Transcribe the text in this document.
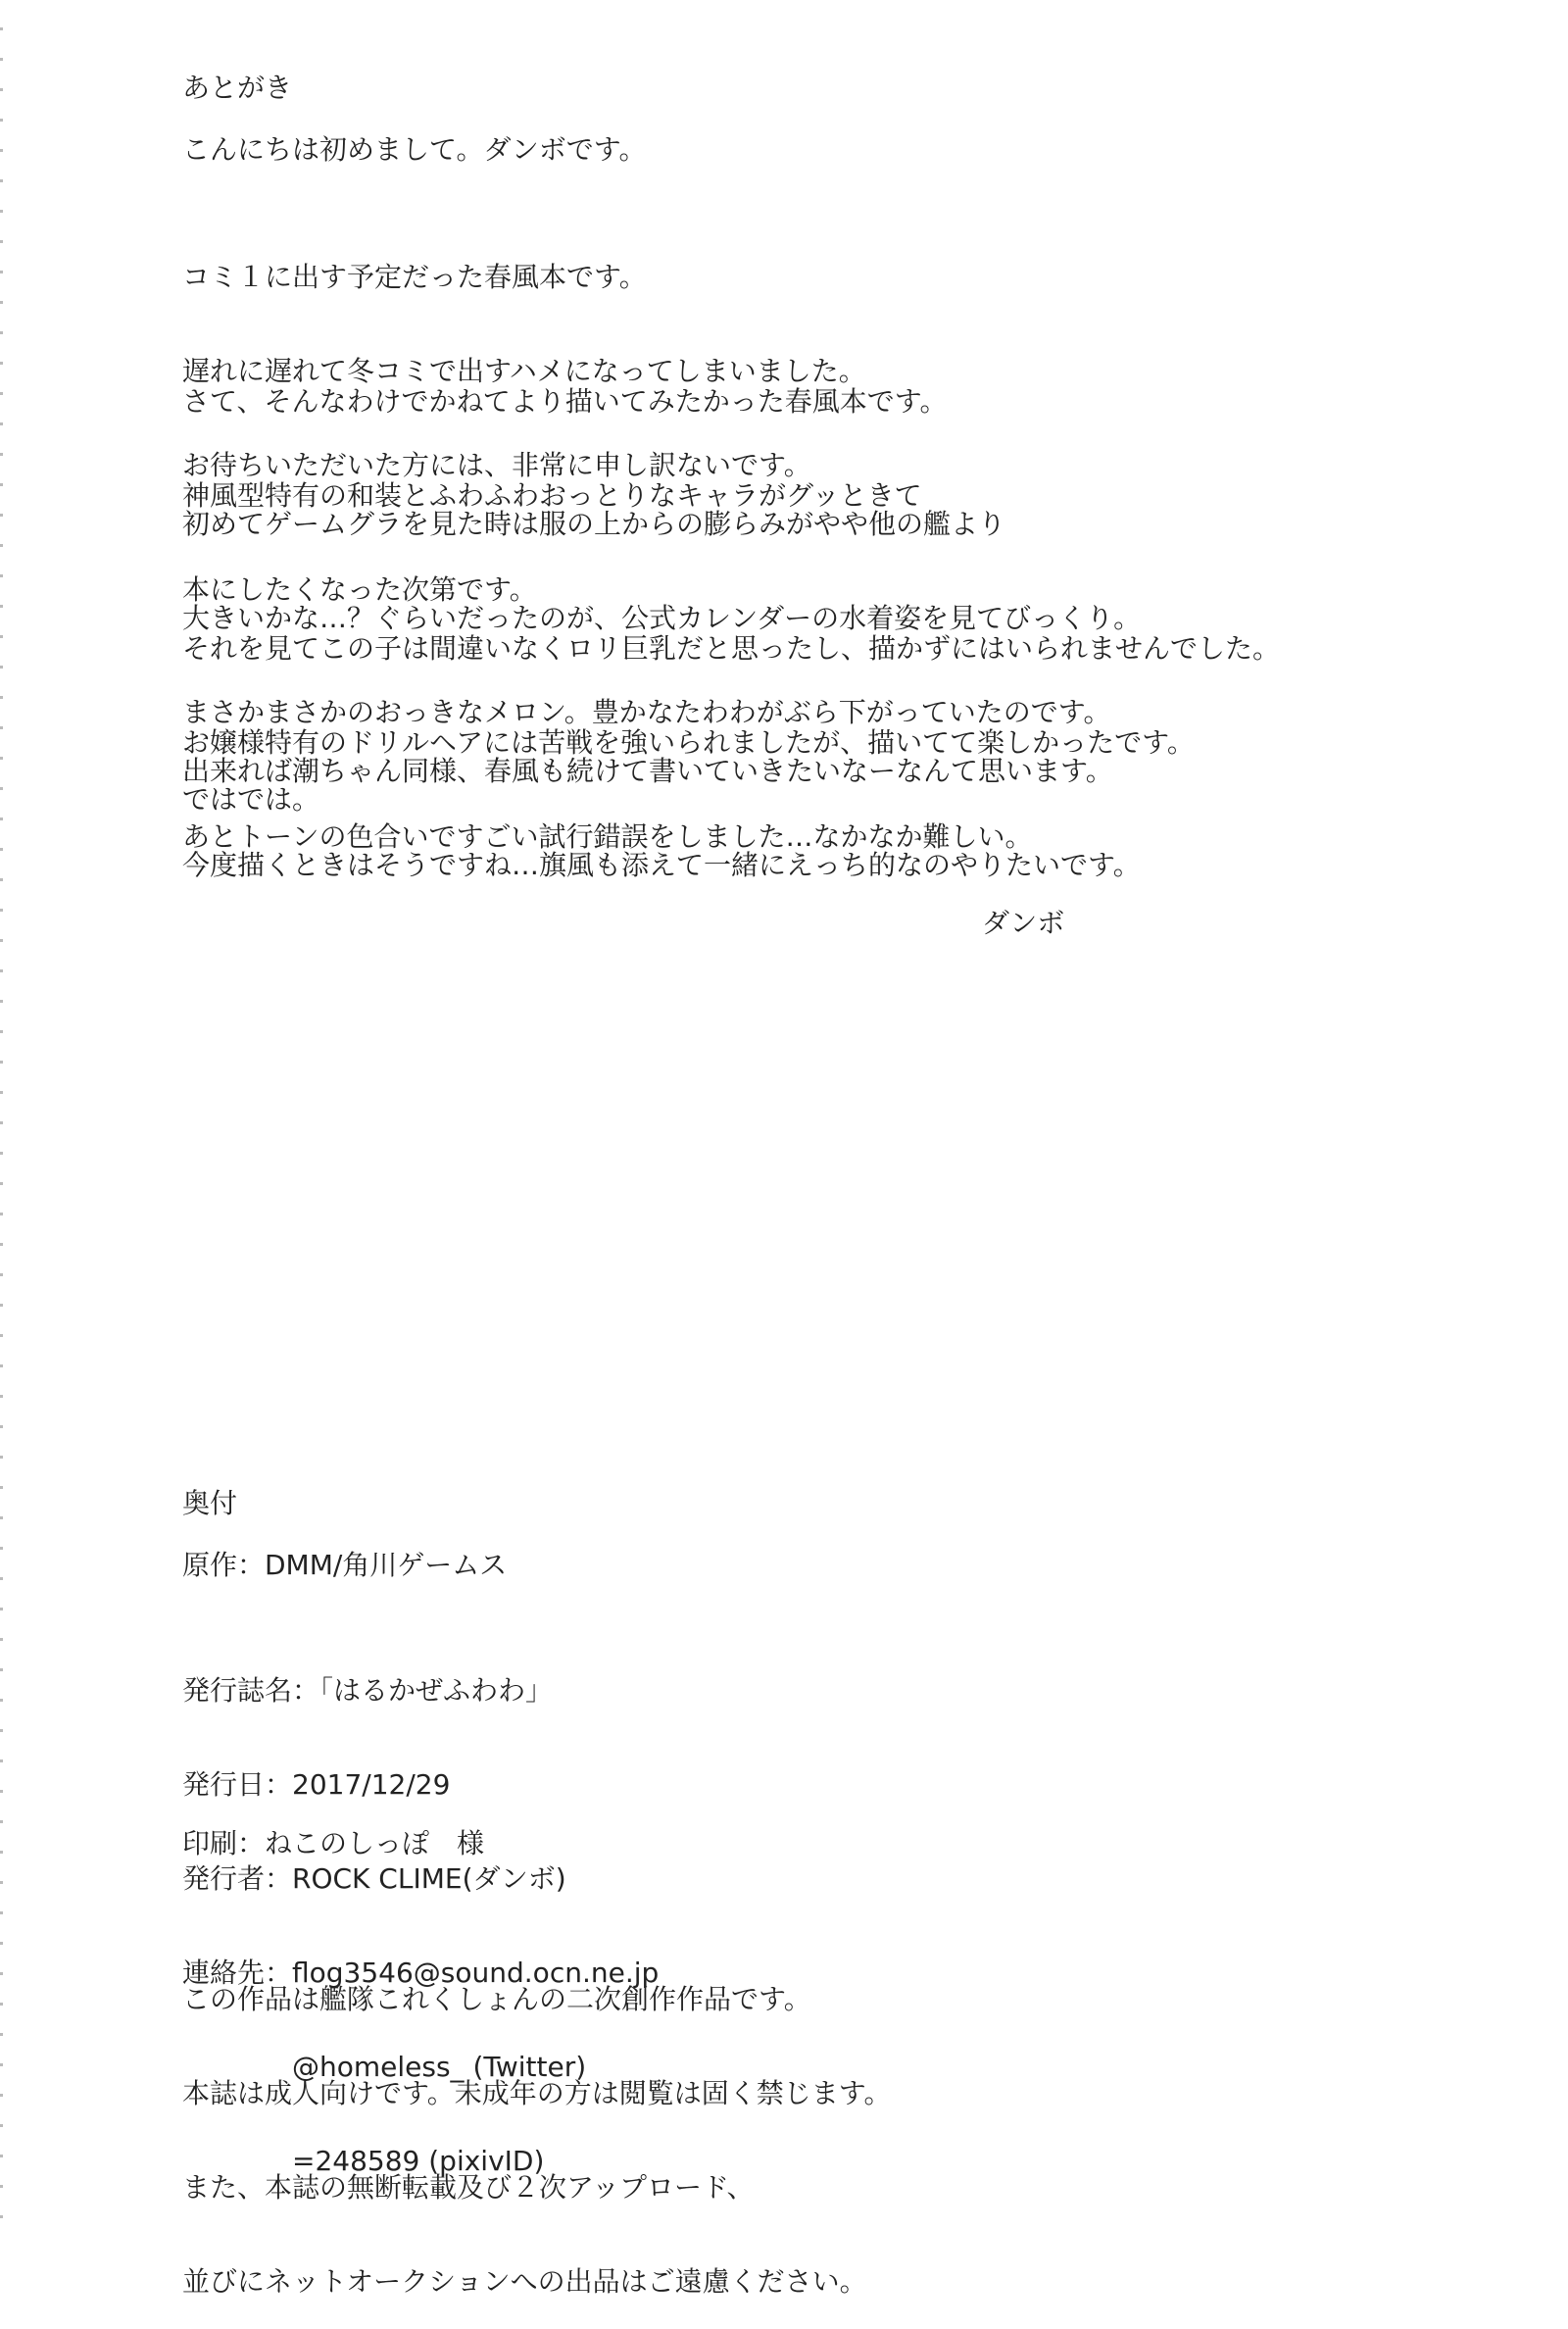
あとがき
こんにちは初めまして。ダンボです。

コミ１に出す予定だった春風本です。

遅れに遅れて冬コミで出すハメになってしまいました。

お待ちいただいた方には、非常に申し訳ないです。

さて、そんなわけでかねてより描いてみたかった春風本です。

神風型特有の和装とふわふわおっとりなキャラがグッときて

本にしたくなった次第です。

初めてゲームグラを見た時は服の上からの膨らみがやや他の艦より

大きいかな…？ぐらいだったのが、公式カレンダーの水着姿を見てびっくり。

まさかまさかのおっきなメロン。豊かなたわわがぶら下がっていたのです。

それを見てこの子は間違いなくロリ巨乳だと思ったし、描かずにはいられませんでした。

お嬢様特有のドリルヘアには苦戦を強いられましたが、描いてて楽しかったです。

あとトーンの色合いですごい試行錯誤をしました…なかなか難しい。

出来れば潮ちゃん同様、春風も続けて書いていきたいなーなんて思います。

今度描くときはそうですね…旗風も添えて一緒にえっち的なのやりたいです。

ではでは。
ダンボ
奥付
原作：DMM/角川ゲームス

発行誌名：「はるかぜふわわ」

発行日：2017/12/29

発行者：ROCK CLIME(ダンボ)

連絡先：flog3546@sound.ocn.ne.jp

@homeless_ (Twitter)

=248589 (pixivID)

印刷：ねこのしっぽ　様

この作品は艦隊これくしょんの二次創作作品です。

本誌は成人向けです。未成年の方は閲覧は固く禁じます。

また、本誌の無断転載及び２次アップロード、

並びにネットオークションへの出品はご遠慮ください。
